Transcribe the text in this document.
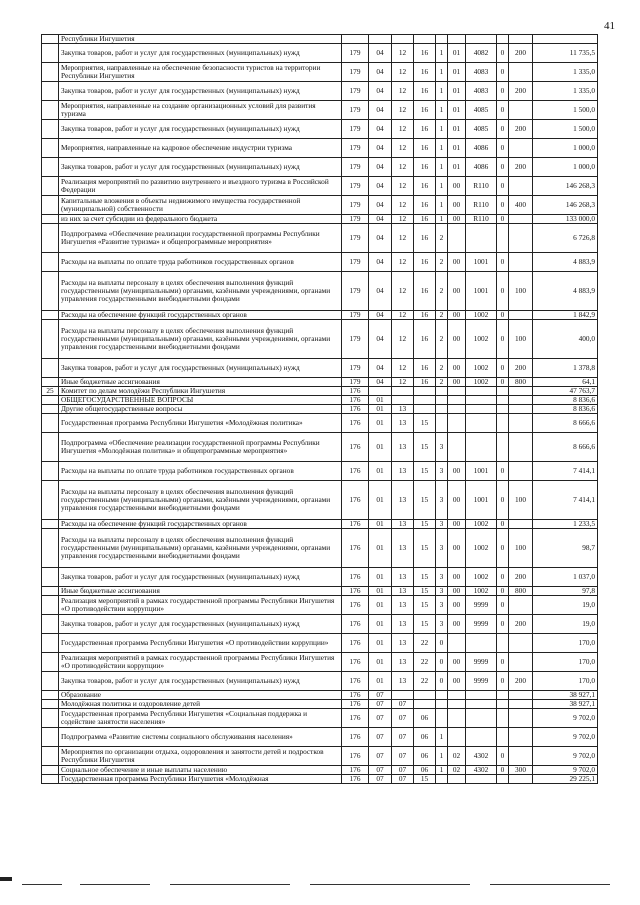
41
	Республики Ингушетия										
	Закупка товаров, работ и услуг для государственных (муниципальных) нужд	179	04	12	16	1	01	4082	0	200	11 735,5
	Мероприятия, направленные на обеспечение безопасности туристов на территории Республики Ингушетия	179	04	12	16	1	01	4083	0		1 335,0
	Закупка товаров, работ и услуг для государственных (муниципальных) нужд	179	04	12	16	1	01	4083	0	200	1 335,0
	Мероприятия, направленные на создание организационных условий для развития туризма	179	04	12	16	1	01	4085	0		1 500,0
	Закупка товаров, работ и услуг для государственных (муниципальных) нужд	179	04	12	16	1	01	4085	0	200	1 500,0
	Мероприятия, направленные на кадровое обеспечение индустрии туризма	179	04	12	16	1	01	4086	0		1 000,0
	Закупка товаров, работ и услуг для государственных (муниципальных) нужд	179	04	12	16	1	01	4086	0	200	1 000,0
	Реализация мероприятий по развитию внутреннего и въездного туризма в Российской Федерации	179	04	12	16	1	00	R110	0		146 268,3
	Капитальные вложения в объекты недвижимого имущества государственной (муниципальной) собственности	179	04	12	16	1	00	R110	0	400	146 268,3
	из них за счет субсидии из федерального бюджета	179	04	12	16	1	00	R110	0		133 000,0
	Подпрограмма «Обеспечение реализации государственной программы Республики Ингушетия «Развитие туризма» и общепрограммные мероприятия»	179	04	12	16	2					6 726,8
	Расходы на выплаты по оплате труда работников государственных органов	179	04	12	16	2	00	1001	0		4 883,9
	Расходы на выплаты персоналу в целях обеспечения выполнения функций государственными (муниципальными) органами, казёнными учреждениями, органами управления государственными внебюджетными фондами	179	04	12	16	2	00	1001	0	100	4 883,9
	Расходы на обеспечение функций государственных органов	179	04	12	16	2	00	1002	0		1 842,9
	Расходы на выплаты персоналу в целях обеспечения выполнения функций государственными (муниципальными) органами, казёнными учреждениями, органами управления государственными внебюджетными фондами	179	04	12	16	2	00	1002	0	100	400,0
	Закупка товаров, работ и услуг для государственных (муниципальных) нужд	179	04	12	16	2	00	1002	0	200	1 378,8
	Иные бюджетные ассигнования	179	04	12	16	2	00	1002	0	800	64,1
25	Комитет по делам молодёжи Республики Ингушетия	176									47 763,7
	ОБЩЕГОСУДАРСТВЕННЫЕ ВОПРОСЫ	176	01								8 836,6
	Другие общегосударственные вопросы	176	01	13							8 836,6
	Государственная программа Республики Ингушетия «Молодёжная политика»	176	01	13	15						8 666,6
	Подпрограмма «Обеспечение реализации государственной программы Республики Ингушетия «Молодёжная политика» и общепрограммные мероприятия»	176	01	13	15	3					8 666,6
	Расходы на выплаты по оплате труда работников государственных органов	176	01	13	15	3	00	1001	0		7 414,1
	Расходы на выплаты персоналу в целях обеспечения выполнения функций государственными (муниципальными) органами, казёнными учреждениями, органами управления государственными внебюджетными фондами	176	01	13	15	3	00	1001	0	100	7 414,1
	Расходы на обеспечение функций государственных органов	176	01	13	15	3	00	1002	0		1 233,5
	Расходы на выплаты персоналу в целях обеспечения выполнения функций государственными (муниципальными) органами, казёнными учреждениями, органами управления государственными внебюджетными фондами	176	01	13	15	3	00	1002	0	100	98,7
	Закупка товаров, работ и услуг для государственных (муниципальных) нужд	176	01	13	15	3	00	1002	0	200	1 037,0
	Иные бюджетные ассигнования	176	01	13	15	3	00	1002	0	800	97,8
	Реализация мероприятий в рамках государственной программы Республики Ингушетия «О противодействии коррупции»	176	01	13	15	3	00	9999	0		19,0
	Закупка товаров, работ и услуг для государственных (муниципальных) нужд	176	01	13	15	3	00	9999	0	200	19,0
	Государственная программа Республики Ингушетия «О противодействии коррупции»	176	01	13	22	0					170,0
	Реализация мероприятий в рамках государственной программы Республики Ингушетия «О противодействии коррупции»	176	01	13	22	0	00	9999	0		170,0
	Закупка товаров, работ и услуг для государственных (муниципальных) нужд	176	01	13	22	0	00	9999	0	200	170,0
	Образование	176	07								38 927,1
	Молодёжная политика и оздоровление детей	176	07	07							38 927,1
	Государственная программа Республики Ингушетия «Социальная поддержка и содействие занятости населения»	176	07	07	06						9 702,0
	Подпрограмма «Развитие системы социального обслуживания населения»	176	07	07	06	1					9 702,0
	Мероприятия по организации отдыха, оздоровления и занятости детей и подростков Республики Ингушетия	176	07	07	06	1	02	4302	0		9 702,0
	Социальное обеспечение и иные выплаты населению	176	07	07	06	1	02	4302	0	300	9 702,0
	Государственная программа Республики Ингушетия «Молодёжная	176	07	07	15						29 225,1
